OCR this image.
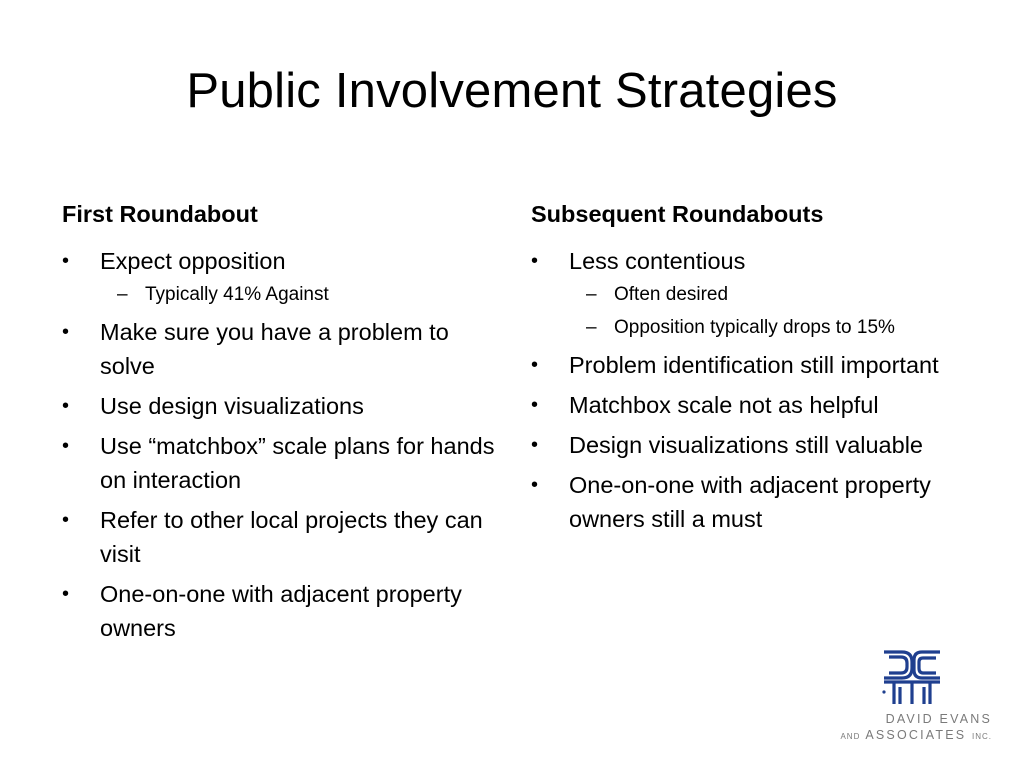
Public Involvement Strategies
First Roundabout
• Expect opposition
– Typically 41% Against
• Make sure you have a problem to solve
• Use design visualizations
• Use “matchbox” scale plans for hands on interaction
• Refer to other local projects they can visit
• One-on-one with adjacent property owners
Subsequent Roundabouts
• Less contentious
– Often desired
– Opposition typically drops to 15%
• Problem identification still important
• Matchbox scale not as helpful
• Design visualizations still valuable
• One-on-one with adjacent property owners still a must
DAVID EVANS
AND ASSOCIATES INC.
